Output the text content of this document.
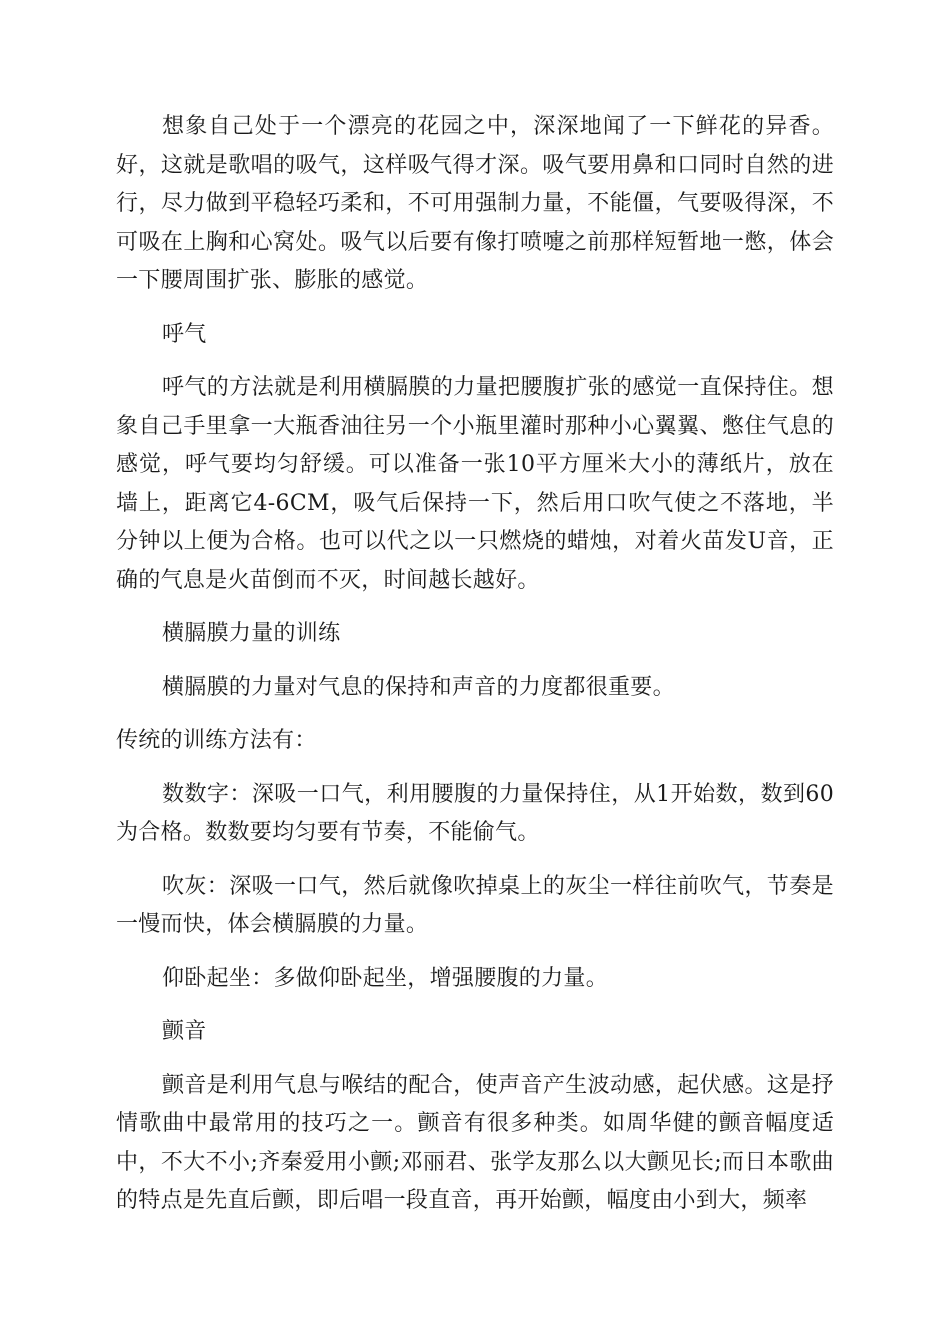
想象自己处于一个漂亮的花园之中，深深地闻了一下鲜花的异香。好，这就是歌唱的吸气，这样吸气得才深。吸气要用鼻和口同时自然的进行，尽力做到平稳轻巧柔和，不可用强制力量，不能僵，气要吸得深，不可吸在上胸和心窝处。吸气以后要有像打喷嚏之前那样短暂地一憋，体会一下腰周围扩张、膨胀的感觉。

呼气

呼气的方法就是利用横膈膜的力量把腰腹扩张的感觉一直保持住。想象自己手里拿一大瓶香油往另一个小瓶里灌时那种小心翼翼、憋住气息的感觉，呼气要均匀舒缓。可以准备一张10平方厘米大小的薄纸片，放在墙上，距离它4-6CM，吸气后保持一下，然后用口吹气使之不落地，半分钟以上便为合格。也可以代之以一只燃烧的蜡烛，对着火苗发U音，正确的气息是火苗倒而不灭，时间越长越好。

横膈膜力量的训练

横膈膜的力量对气息的保持和声音的力度都很重要。

传统的训练方法有：

数数字：深吸一口气，利用腰腹的力量保持住，从1开始数，数到60为合格。数数要均匀要有节奏，不能偷气。

吹灰：深吸一口气，然后就像吹掉桌上的灰尘一样往前吹气，节奏是一慢而快，体会横膈膜的力量。

仰卧起坐：多做仰卧起坐，增强腰腹的力量。

颤音

颤音是利用气息与喉结的配合，使声音产生波动感，起伏感。这是抒情歌曲中最常用的技巧之一。颤音有很多种类。如周华健的颤音幅度适中，不大不小;齐秦爱用小颤;邓丽君、张学友那么以大颤见长;而日本歌曲的特点是先直后颤，即后唱一段直音，再开始颤，幅度由小到大，频率
